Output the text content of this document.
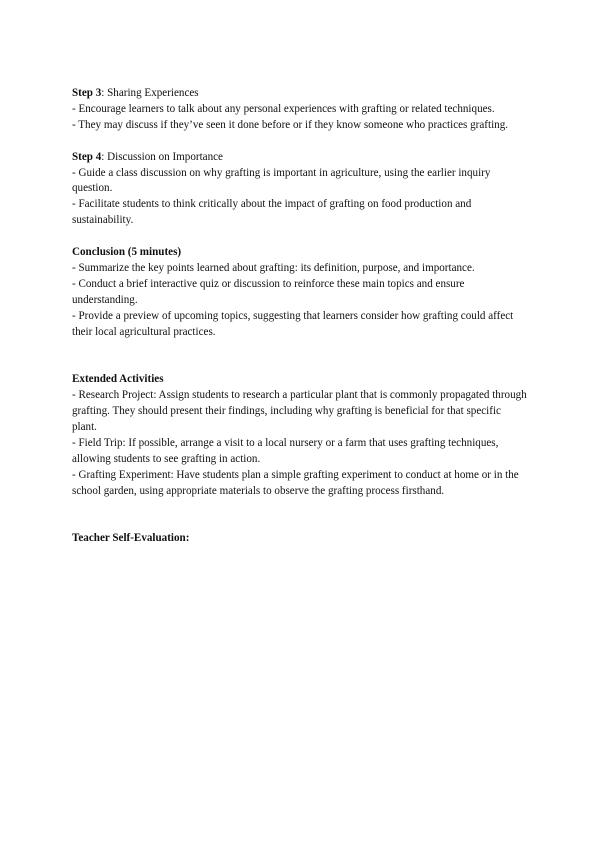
Step 3: Sharing Experiences

- Encourage learners to talk about any personal experiences with grafting or related techniques.

- They may discuss if they’ve seen it done before or if they know someone who practices grafting.

Step 4: Discussion on Importance

- Guide a class discussion on why grafting is important in agriculture, using the earlier inquiry question.

- Facilitate students to think critically about the impact of grafting on food production and sustainability.

Conclusion (5 minutes)

- Summarize the key points learned about grafting: its definition, purpose, and importance.

- Conduct a brief interactive quiz or discussion to reinforce these main topics and ensure understanding.

- Provide a preview of upcoming topics, suggesting that learners consider how grafting could affect their local agricultural practices.

Extended Activities

- Research Project: Assign students to research a particular plant that is commonly propagated through grafting. They should present their findings, including why grafting is beneficial for that specific plant.

- Field Trip: If possible, arrange a visit to a local nursery or a farm that uses grafting techniques, allowing students to see grafting in action.

- Grafting Experiment: Have students plan a simple grafting experiment to conduct at home or in the school garden, using appropriate materials to observe the grafting process firsthand.

Teacher Self-Evaluation:
